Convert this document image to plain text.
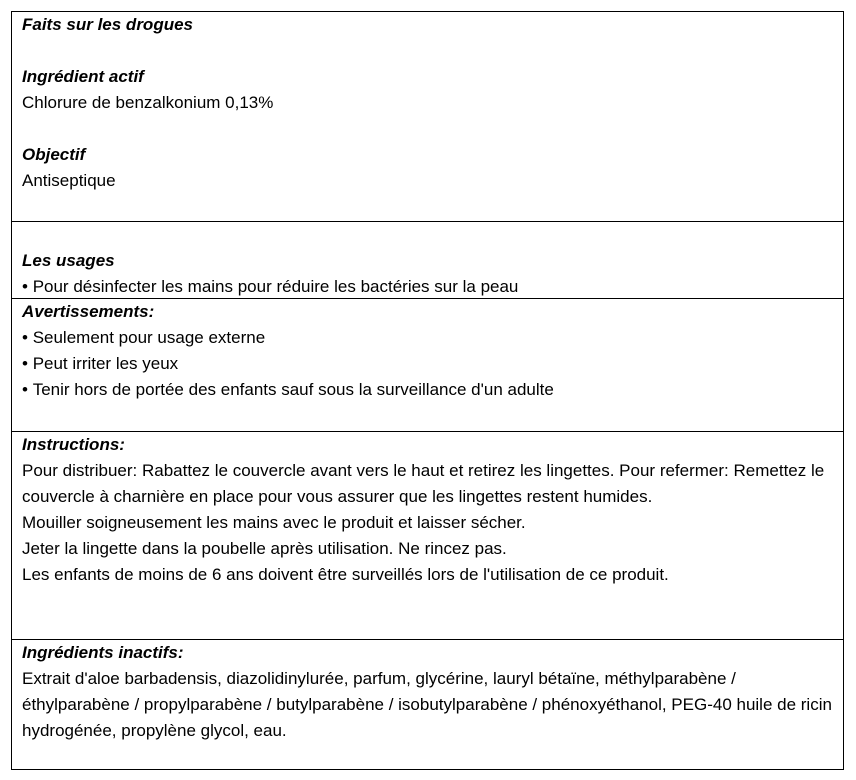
Faits sur les drogues

Ingrédient actif

Chlorure de benzalkonium 0,13%

Objectif

Antiseptique

Les usages

• Pour désinfecter les mains pour réduire les bactéries sur la peau

Avertissements:

• Seulement pour usage externe

• Peut irriter les yeux

• Tenir hors de portée des enfants sauf sous la surveillance d'un adulte

Instructions:

Pour distribuer: Rabattez le couvercle avant vers le haut et retirez les lingettes. Pour refermer: Remettez le couvercle à charnière en place pour vous assurer que les lingettes restent humides.

Mouiller soigneusement les mains avec le produit et laisser sécher.

Jeter la lingette dans la poubelle après utilisation. Ne rincez pas.

Les enfants de moins de 6 ans doivent être surveillés lors de l'utilisation de ce produit.

Ingrédients inactifs:

Extrait d'aloe barbadensis, diazolidinylurée, parfum, glycérine, lauryl bétaïne, méthylparabène / éthylparabène / propylparabène / butylparabène / isobutylparabène / phénoxyéthanol, PEG-40 huile de ricin hydrogénée, propylène glycol, eau.
